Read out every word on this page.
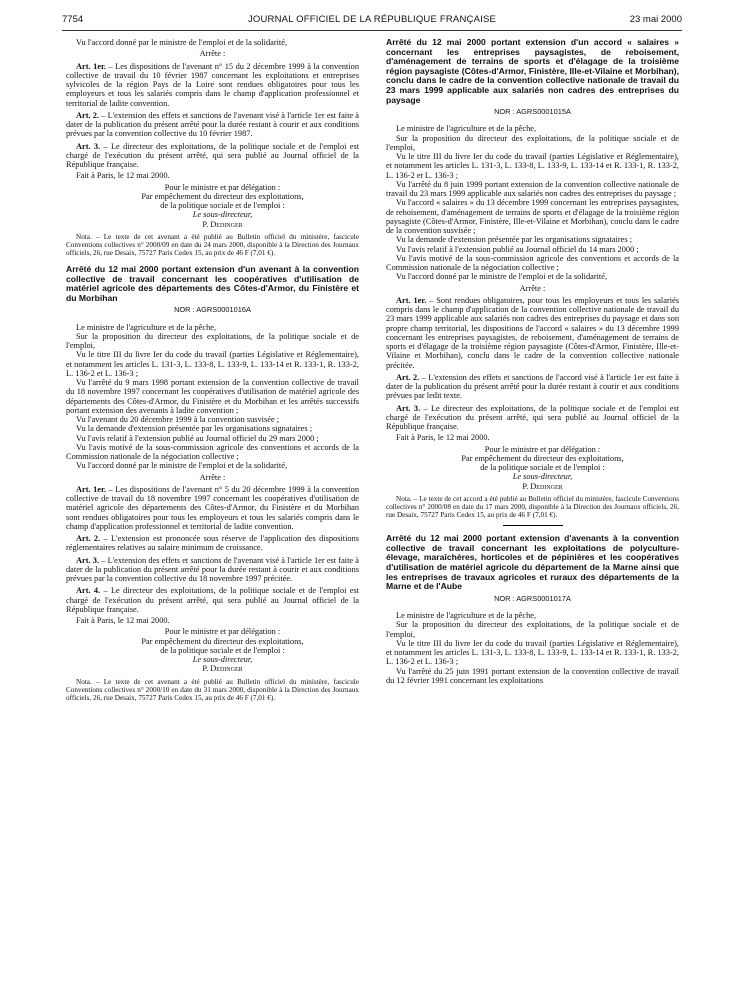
7754	JOURNAL OFFICIEL DE LA RÉPUBLIQUE FRANÇAISE	23 mai 2000

Vu l'accord donné par le ministre de l'emploi et de la solidarité,

Arrête :

Art. 1er. – Les dispositions de l'avenant n° 15 du 2 décembre 1999 à la convention collective de travail du 10 février 1987 concernant les exploitations et entreprises sylvicoles de la région Pays de la Loire sont rendues obligatoires pour tous les employeurs et tous les salariés compris dans le champ d'application professionnel et territorial de ladite convention.

Art. 2. – L'extension des effets et sanctions de l'avenant visé à l'article 1er est faite à dater de la publication du présent arrêté pour la durée restant à courir et aux conditions prévues par la convention collective du 10 février 1987.

Art. 3. – Le directeur des exploitations, de la politique sociale et de l'emploi est chargé de l'exécution du présent arrêté, qui sera publié au Journal officiel de la République française.

Fait à Paris, le 12 mai 2000.

Pour le ministre et par délégation :

Par empêchement du directeur des exploitations,

de la politique sociale et de l'emploi :

Le sous-directeur,

P. Dedinger

Nota. – Le texte de cet avenant a été publié au Bulletin officiel du ministère, fascicule Conventions collectives n° 2000/09 en date du 24 mars 2000, disponible à la Direction des Journaux officiels, 26, rue Desaix, 75727 Paris Cedex 15, au prix de 46 F (7,01 €).

Arrêté du 12 mai 2000 portant extension d'un avenant à la convention collective de travail concernant les coopératives d'utilisation de matériel agricole des départements des Côtes-d'Armor, du Finistère et du Morbihan

NOR : AGRS0001016A

Le ministre de l'agriculture et de la pêche,

Sur la proposition du directeur des exploitations, de la politique sociale et de l'emploi,

Vu le titre III du livre Ier du code du travail (parties Législative et Réglementaire), et notamment les articles L. 131-3, L. 133-8, L. 133-9, L. 133-14 et R. 133-1, R. 133-2, L. 136-2 et L. 136-3 ;

Vu l'arrêté du 9 mars 1998 portant extension de la convention collective de travail du 18 novembre 1997 concernant les coopératives d'utilisation de matériel agricole des départements des Côtes-d'Armor, du Finistère et du Morbihan et les arrêtés successifs portant extension des avenants à ladite convention ;

Vu l'avenant du 20 décembre 1999 à la convention susvisée ;

Vu la demande d'extension présentée par les organisations signataires ;

Vu l'avis relatif à l'extension publié au Journal officiel du 29 mars 2000 ;

Vu l'avis motivé de la sous-commission agricole des conventions et accords de la Commission nationale de la négociation collective ;

Vu l'accord donné par le ministre de l'emploi et de la solidarité,

Arrête :

Art. 1er. – Les dispositions de l'avenant n° 5 du 20 décembre 1999 à la convention collective de travail du 18 novembre 1997 concernant les coopératives d'utilisation de matériel agricole des départements des Côtes-d'Armor, du Finistère et du Morbihan sont rendues obligatoires pour tous les employeurs et tous les salariés compris dans le champ d'application professionnel et territorial de ladite convention.

Art. 2. – L'extension est prononcée sous réserve de l'application des dispositions réglementaires relatives au salaire minimum de croissance.

Art. 3. – L'extension des effets et sanctions de l'avenant visé à l'article 1er est faite à dater de la publication du présent arrêté pour la durée restant à courir et aux conditions prévues par la convention collective du 18 novembre 1997 précitée.

Art. 4. – Le directeur des exploitations, de la politique sociale et de l'emploi est chargé de l'exécution du présent arrêté, qui sera publié au Journal officiel de la République française.

Fait à Paris, le 12 mai 2000.

Pour le ministre et par délégation :

Par empêchement du directeur des exploitations,

de la politique sociale et de l'emploi :

Le sous-directeur,

P. Dedinger

Nota. – Le texte de cet avenant a été publié au Bulletin officiel du ministère, fascicule Conventions collectives n° 2000/10 en date du 31 mars 2000, disponible à la Direction des Journaux officiels, 26, rue Desaix, 75727 Paris Cedex 15, au prix de 46 F (7,01 €).

Arrêté du 12 mai 2000 portant extension d'un accord « salaires » concernant les entreprises paysagistes, de reboisement, d'aménagement de terrains de sports et d'élagage de la troisième région paysagiste (Côtes-d'Armor, Finistère, Ille-et-Vilaine et Morbihan), conclu dans le cadre de la convention collective nationale de travail du 23 mars 1999 applicable aux salariés non cadres des entreprises du paysage

NOR : AGRS0001015A

Le ministre de l'agriculture et de la pêche,

Sur la proposition du directeur des exploitations, de la politique sociale et de l'emploi,

Vu le titre III du livre Ier du code du travail (parties Législative et Réglementaire), et notamment les articles L. 131-3, L. 133-8, L. 133-9, L. 133-14 et R. 133-1, R. 133-2, L. 136-2 et L. 136-3 ;

Vu l'arrêté du 8 juin 1999 portant extension de la convention collective nationale de travail du 23 mars 1999 applicable aux salariés non cadres des entreprises du paysage ;

Vu l'accord « salaires » du 13 décembre 1999 concernant les entreprises paysagistes, de reboisement, d'aménagement de terrains de sports et d'élagage de la troisième région paysagiste (Côtes-d'Armor, Finistère, Ille-et-Vilaine et Morbihan), conclu dans le cadre de la convention susvisée ;

Vu la demande d'extension présentée par les organisations signataires ;

Vu l'avis relatif à l'extension publié au Journal officiel du 14 mars 2000 ;

Vu l'avis motivé de la sous-commission agricole des conventions et accords de la Commission nationale de la négociation collective ;

Vu l'accord donné par le ministre de l'emploi et de la solidarité,

Arrête :

Art. 1er. – Sont rendues obligatoires, pour tous les employeurs et tous les salariés compris dans le champ d'application de la convention collective nationale de travail du 23 mars 1999 applicable aux salariés non cadres des entreprises du paysage et dans son propre champ territorial, les dispositions de l'accord « salaires » du 13 décembre 1999 concernant les entreprises paysagistes, de reboisement, d'aménagement de terrains de sports et d'élagage de la troisième région paysagiste (Côtes-d'Armor, Finistère, Ille-et-Vilaine et Morbihan), conclu dans le cadre de la convention collective nationale précitée.

Art. 2. – L'extension des effets et sanctions de l'accord visé à l'article 1er est faite à dater de la publication du présent arrêté pour la durée restant à courir et aux conditions prévues par ledit texte.

Art. 3. – Le directeur des exploitations, de la politique sociale et de l'emploi est chargé de l'exécution du présent arrêté, qui sera publié au Journal officiel de la République française.

Fait à Paris, le 12 mai 2000.

Pour le ministre et par délégation :

Par empêchement du directeur des exploitations,

de la politique sociale et de l'emploi :

Le sous-directeur,

P. Dedinger

Nota. – Le texte de cet accord a été publié au Bulletin officiel du ministère, fascicule Conventions collectives n° 2000/08 en date du 17 mars 2000, disponible à la Direction des Journaux officiels, 26, rue Desaix, 75727 Paris Cedex 15, au prix de 46 F (7,01 €).

Arrêté du 12 mai 2000 portant extension d'avenants à la convention collective de travail concernant les exploitations de polyculture-élevage, maraîchères, horticoles et de pépinières et les coopératives d'utilisation de matériel agricole du département de la Marne ainsi que les entreprises de travaux agricoles et ruraux des départements de la Marne et de l'Aube

NOR : AGRS0001017A

Le ministre de l'agriculture et de la pêche,

Sur la proposition du directeur des exploitations, de la politique sociale et de l'emploi,

Vu le titre III du livre Ier du code du travail (parties Législative et Réglementaire), et notamment les articles L. 131-3, L. 133-8, L. 133-9, L. 133-14 et R. 133-1, R. 133-2, L. 136-2 et L. 136-3 ;

Vu l'arrêté du 25 juin 1991 portant extension de la convention collective de travail du 12 février 1991 concernant les exploitations
